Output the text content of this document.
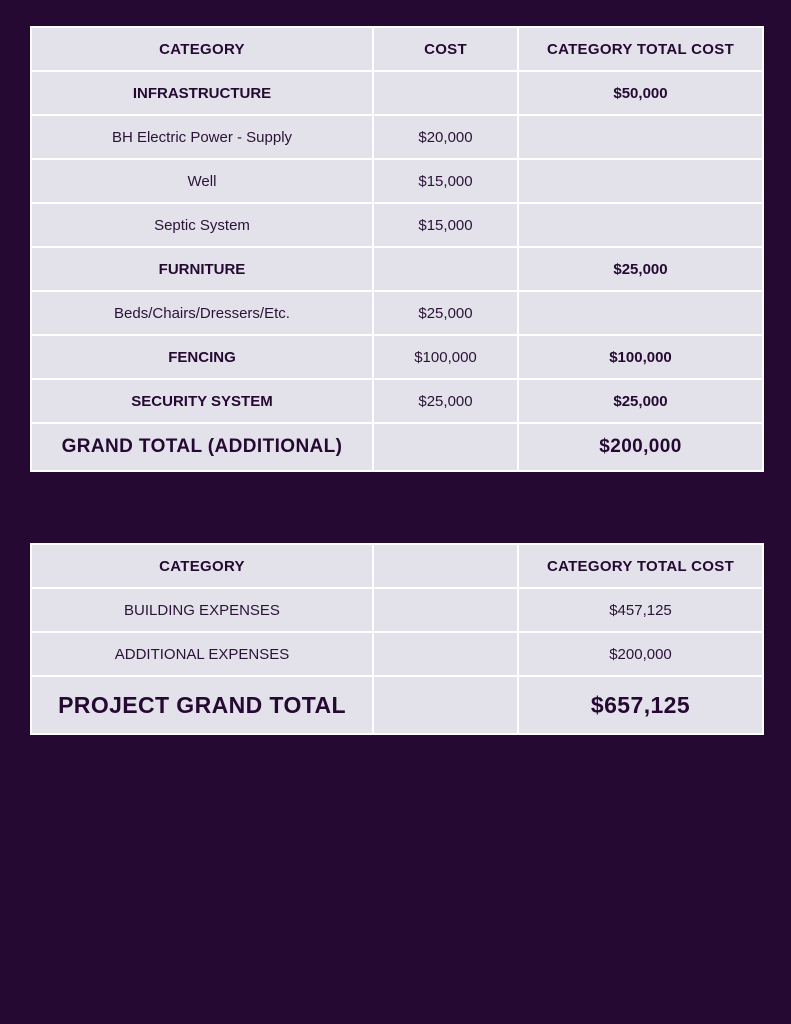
CATEGORY	COST	CATEGORY TOTAL COST
INFRASTRUCTURE		$50,000
BH Electric Power - Supply	$20,000	
Well	$15,000	
Septic System	$15,000	
FURNITURE		$25,000
Beds/Chairs/Dressers/Etc.	$25,000	
FENCING	$100,000	$100,000
SECURITY SYSTEM	$25,000	$25,000
GRAND TOTAL (ADDITIONAL)		$200,000
CATEGORY		CATEGORY TOTAL COST
BUILDING EXPENSES		$457,125
ADDITIONAL EXPENSES		$200,000
PROJECT GRAND TOTAL		$657,125
